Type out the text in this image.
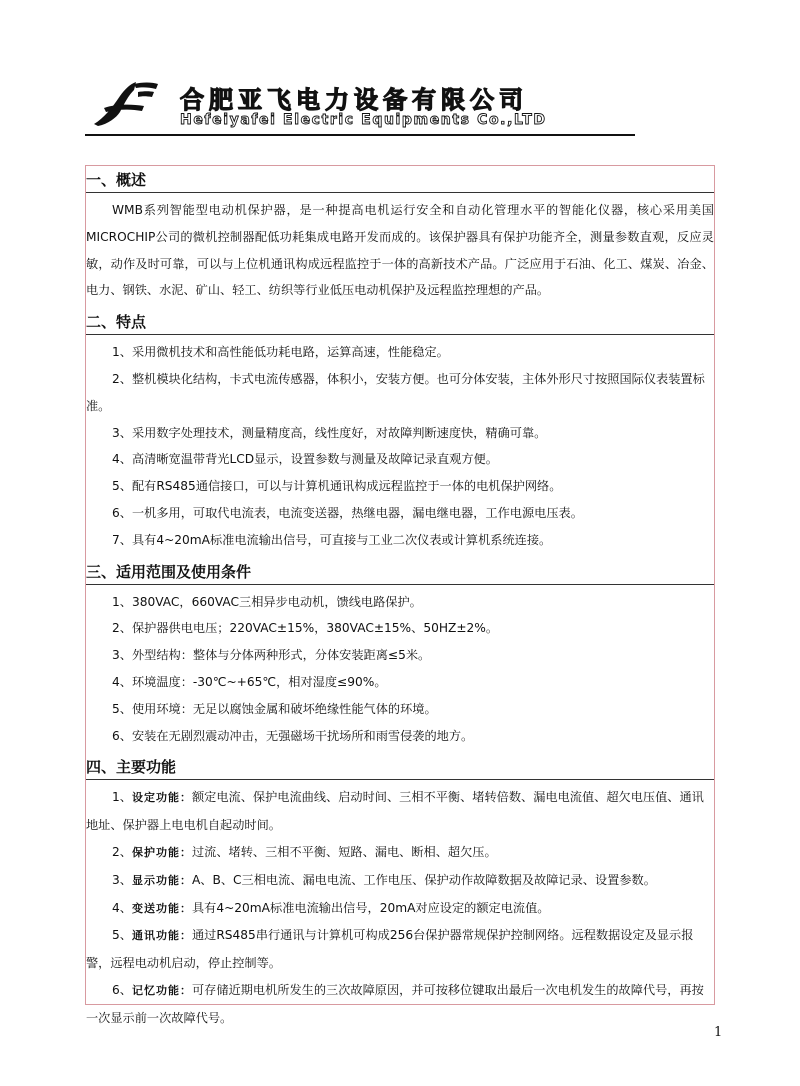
合肥亚飞电力设备有限公司
Hefeiyafei Electric Equipments Co.,LTD
一、概述

WMB系列智能型电动机保护器，是一种提高电机运行安全和自动化管理水平的智能化仪器，核心采用美国MICROCHIP公司的微机控制器配低功耗集成电路开发而成的。该保护器具有保护功能齐全，测量参数直观，反应灵敏，动作及时可靠，可以与上位机通讯构成远程监控于一体的高新技术产品。广泛应用于石油、化工、煤炭、冶金、电力、钢铁、水泥、矿山、轻工、纺织等行业低压电动机保护及远程监控理想的产品。

二、特点

1、采用微机技术和高性能低功耗电路，运算高速，性能稳定。

2、整机模块化结构，卡式电流传感器，体积小，安装方便。也可分体安装，主体外形尺寸按照国际仪表装置标准。

3、采用数字处理技术，测量精度高，线性度好，对故障判断速度快，精确可靠。

4、高清晰宽温带背光LCD显示，设置参数与测量及故障记录直观方便。

5、配有RS485通信接口，可以与计算机通讯构成远程监控于一体的电机保护网络。

6、一机多用，可取代电流表，电流变送器，热继电器，漏电继电器，工作电源电压表。

7、具有4~20mA标准电流输出信号，可直接与工业二次仪表或计算机系统连接。

三、适用范围及使用条件

1、380VAC，660VAC三相异步电动机，馈线电路保护。

2、保护器供电电压；220VAC±15%，380VAC±15%、50HZ±2%。

3、外型结构：整体与分体两种形式，分体安装距离≤5米。

4、环境温度：-30℃~+65℃，相对湿度≤90%。

5、使用环境：无足以腐蚀金属和破坏绝缘性能气体的环境。

6、安装在无剧烈震动冲击，无强磁场干扰场所和雨雪侵袭的地方。

四、主要功能

1、设定功能：额定电流、保护电流曲线、启动时间、三相不平衡、堵转倍数、漏电电流值、超欠电压值、通讯地址、保护器上电电机自起动时间。

2、保护功能：过流、堵转、三相不平衡、短路、漏电、断相、超欠压。

3、显示功能：A、B、C三相电流、漏电电流、工作电压、保护动作故障数据及故障记录、设置参数。

4、变送功能：具有4~20mA标准电流输出信号，20mA对应设定的额定电流值。

5、通讯功能：通过RS485串行通讯与计算机可构成256台保护器常规保护控制网络。远程数据设定及显示报警，远程电动机启动，停止控制等。

6、记忆功能：可存储近期电机所发生的三次故障原因，并可按移位键取出最后一次电机发生的故障代号，再按一次显示前一次故障代号。

1
